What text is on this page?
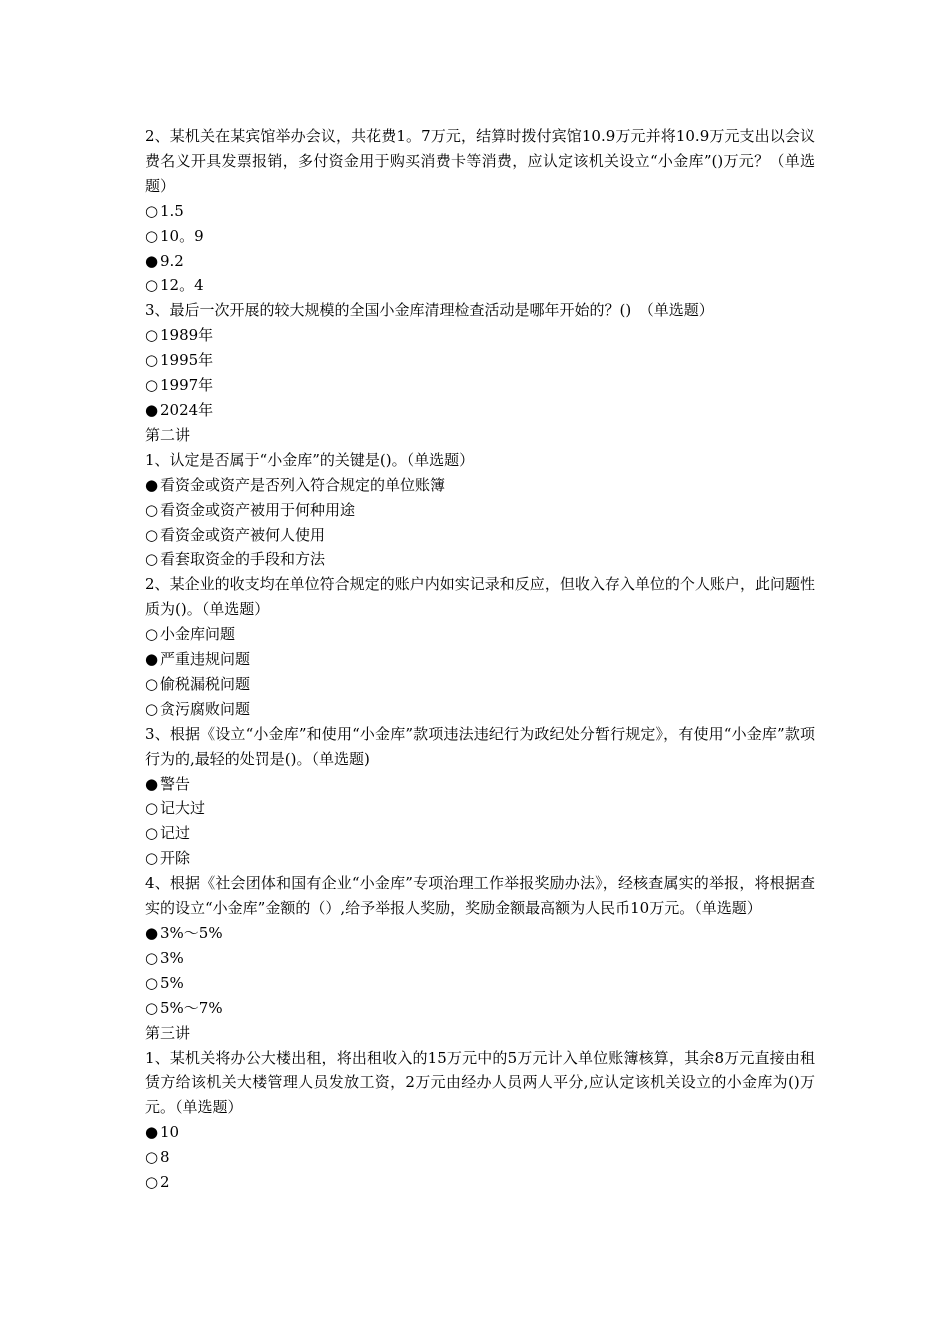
2、某机关在某宾馆举办会议，共花费1。7万元，结算时拨付宾馆10.9万元并将10.9万元支出以会议费名义开具发票报销，多付资金用于购买消费卡等消费，应认定该机关设立“小金库”()万元？（单选题）
○ 1.5
○ 10。9
● 9.2
○ 12。4
3、最后一次开展的较大规模的全国小金库清理检查活动是哪年开始的？()　（单选题）
○ 1989年
○ 1995年
○ 1997年
● 2024年
第二讲
1、认定是否属于“小金库”的关键是()。（单选题）
● 看资金或资产是否列入符合规定的单位账簿
○ 看资金或资产被用于何种用途
○ 看资金或资产被何人使用
○ 看套取资金的手段和方法
2、某企业的收支均在单位符合规定的账户内如实记录和反应，但收入存入单位的个人账户，此问题性质为()。（单选题）
○ 小金库问题
● 严重违规问题
○ 偷税漏税问题
○ 贪污腐败问题
3、根据《设立“小金库”和使用“小金库”款项违法违纪行为政纪处分暂行规定》，有使用“小金库”款项行为的,最轻的处罚是()。（单选题)
● 警告
○ 记大过
○ 记过
○ 开除
4、根据《社会团体和国有企业“小金库”专项治理工作举报奖励办法》，经核查属实的举报，将根据查实的设立“小金库”金额的（）,给予举报人奖励，奖励金额最高额为人民币10万元。（单选题）
● 3%～5%
○ 3%
○ 5%
○ 5%～7%
第三讲
1、某机关将办公大楼出租，将出租收入的15万元中的5万元计入单位账簿核算，其余8万元直接由租赁方给该机关大楼管理人员发放工资，2万元由经办人员两人平分,应认定该机关设立的小金库为()万元。（单选题）
● 10
○ 8
○ 2
